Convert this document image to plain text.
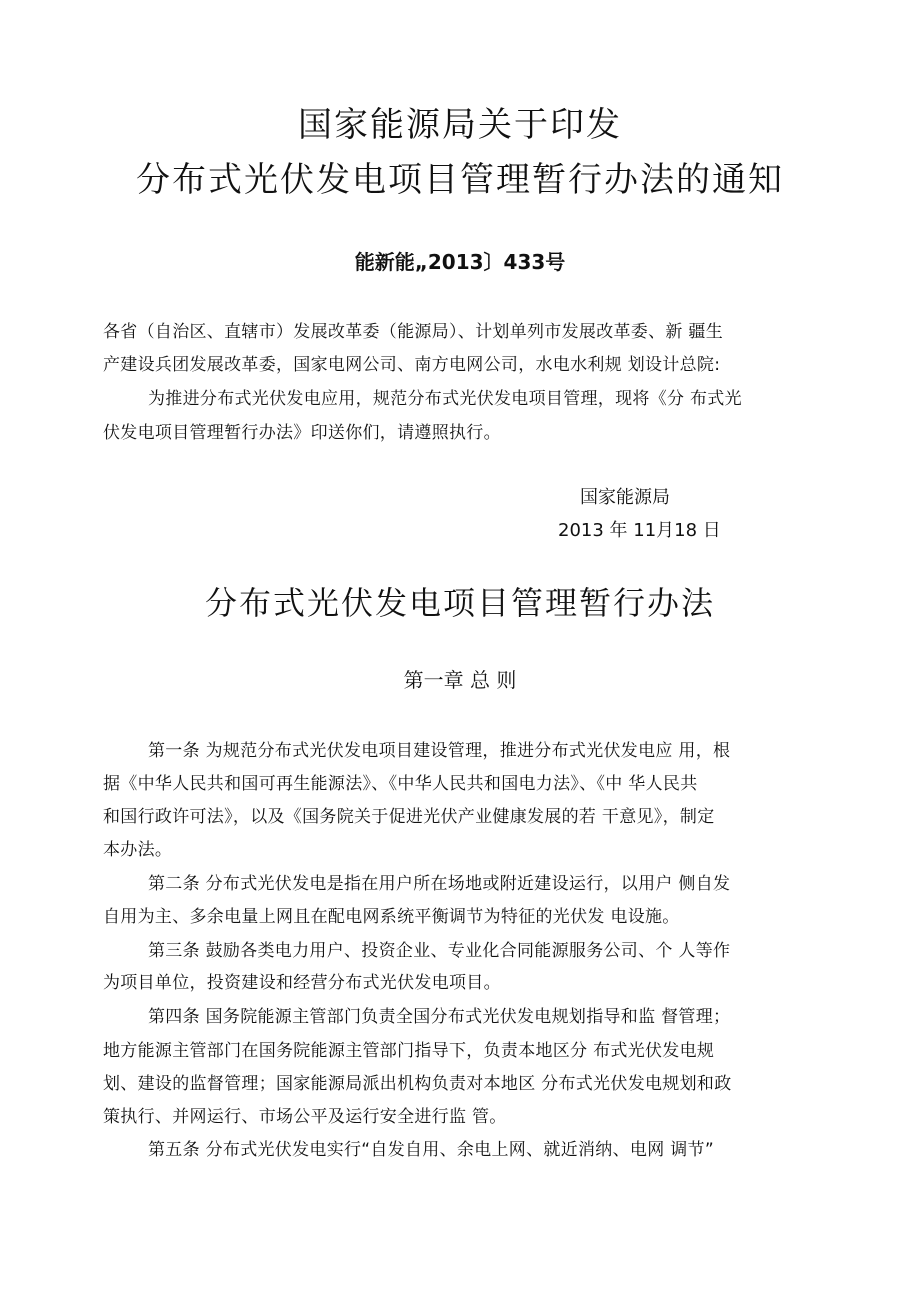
国家能源局关于印发
分布式光伏发电项目管理暂行办法的通知
能新能„2013〕433号
各省（自治区、直辖市）发展改革委（能源局）、计划单列市发展改革委、新 疆生
产建设兵团发展改革委，国家电网公司、南方电网公司，水电水利规 划设计总院:
为推进分布式光伏发电应用，规范分布式光伏发电项目管理，现将《分 布式光
伏发电项目管理暂行办法》印送你们，请遵照执行。
国家能源局
2013 年 11月18 日
分布式光伏发电项目管理暂行办法
第一章 总 则
第一条 为规范分布式光伏发电项目建设管理，推进分布式光伏发电应 用，根
据《中华人民共和国可再生能源法》、《中华人民共和国电力法》、《中 华人民共
和国行政许可法》，以及《国务院关于促进光伏产业健康发展的若 干意见》，制定
本办法。
第二条 分布式光伏发电是指在用户所在场地或附近建设运行，以用户 侧自发
自用为主、多余电量上网且在配电网系统平衡调节为特征的光伏发 电设施。
第三条 鼓励各类电力用户、投资企业、专业化合同能源服务公司、个 人等作
为项目单位，投资建设和经营分布式光伏发电项目。
第四条 国务院能源主管部门负责全国分布式光伏发电规划指导和监 督管理；
地方能源主管部门在国务院能源主管部门指导下，负责本地区分 布式光伏发电规
划、建设的监督管理；国家能源局派出机构负责对本地区 分布式光伏发电规划和政
策执行、并网运行、市场公平及运行安全进行监 管。
第五条 分布式光伏发电实行“自发自用、余电上网、就近消纳、电网 调节”
